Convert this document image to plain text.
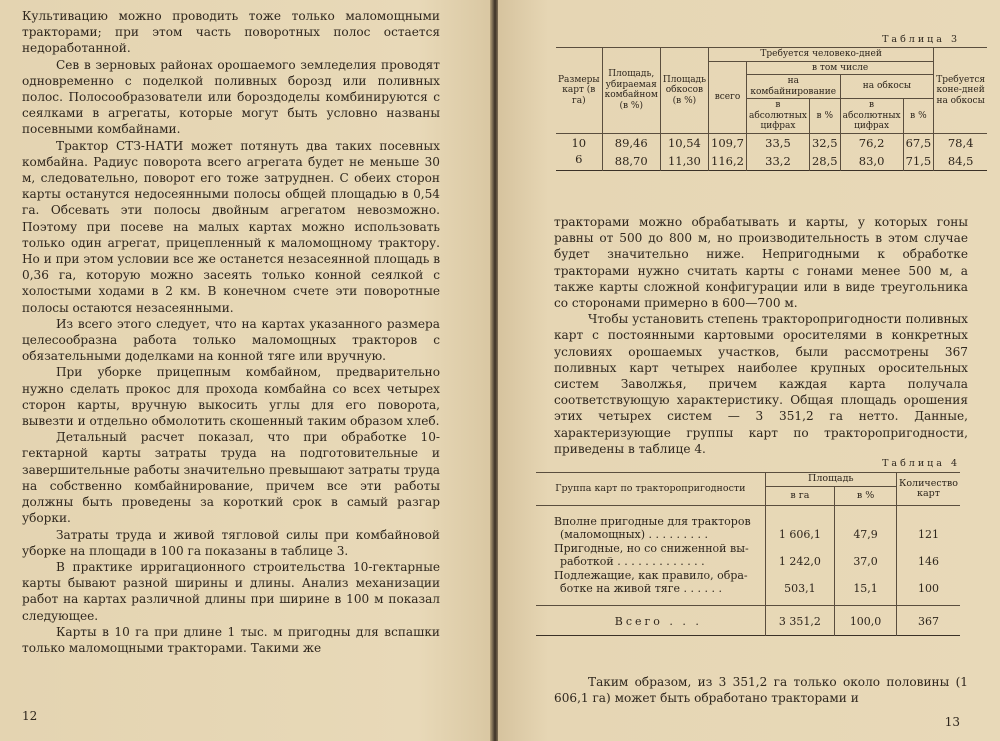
Культивацию можно проводить тоже только маломощными тракторами; при этом часть поворотных полос остается недоработанной.

Сев в зерновых районах орошаемого земледелия проводят одновременно с поделкой поливных борозд или поливных полос. Полосообразователи или бороздоделы комбинируются с сеялками в агрегаты, которые могут быть условно названы посевными комбайнами.

Трактор СТЗ-НАТИ может потянуть два таких посевных комбайна. Радиус поворота всего агрегата будет не меньше 30 м, следовательно, поворот его тоже затруднен. С обеих сторон карты останутся недосеянными полосы общей площадью в 0,54 га. Обсевать эти полосы двойным агрегатом невозможно. Поэтому при посеве на малых картах можно использовать только один агрегат, прицепленный к маломощному трактору. Но и при этом условии все же останется незасеянной площадь в 0,36 га, которую можно засеять только конной сеялкой с холостыми ходами в 2 км. В конечном счете эти поворотные полосы остаются незасеянными.

Из всего этого следует, что на картах указанного размера целесообразна работа только маломощных тракторов с обязательными доделками на конной тяге или вручную.

При уборке прицепным комбайном, предварительно нужно сделать прокос для прохода комбайна со всех четырех сторон карты, вручную выкосить углы для его поворота, вывезти и отдельно обмолотить скошенный таким образом хлеб.

Детальный расчет показал, что при обработке 10-гектарной карты затраты труда на подготовительные и завершительные работы значительно превышают затраты труда на собственно комбайнирование, причем все эти работы должны быть проведены за короткий срок в самый разгар уборки.

Затраты труда и живой тягловой силы при комбайновой уборке на площади в 100 га показаны в таблице 3.

В практике ирригационного строительства 10-гектарные карты бывают разной ширины и длины. Анализ механизации работ на картах различной длины при ширине в 100 м показал следующее.

Карты в 10 га при длине 1 тыс. м пригодны для вспашки только маломощными тракторами. Такими же

12
Таблица 3
Размеры карт (в га)	Площадь, убираемая комбайном (в %)	Площадь обкосов (в %)	Требуется человеко-дней					Требуется коне-дней на обкосы
			всего	в том числе				
				на комбайнирование		на обкосы		
				в абсолютных цифрах	в %	в абсолютных цифрах	в %	
10	89,46	10,54	109,7	33,5	32,5	76,2	67,5	78,4
6	88,70	11,30	116,2	33,2	28,5	83,0	71,5	84,5

тракторами можно обрабатывать и карты, у которых гоны равны от 500 до 800 м, но производительность в этом случае будет значительно ниже. Непригодными к обработке тракторами нужно считать карты с гонами менее 500 м, а также карты сложной конфигурации или в виде треугольника со сторонами примерно в 600—700 м.

Чтобы установить степень тракторопригодности поливных карт с постоянными картовыми оросителями в конкретных условиях орошаемых участков, были рассмотрены 367 поливных карт четырех наиболее крупных оросительных систем Заволжья, причем каждая карта получала соответствующую характеристику. Общая площадь орошения этих четырех систем — 3 351,2 га нетто. Данные, характеризующие группы карт по тракторопригодности, приведены в таблице 4.

Таблица 4
Группа карт по тракторопригодности	Площадь		Количество карт
	в га	в %	

Вполне пригодные для тракторов
(маломощных) . . . . . . . . .	1 606,1	47,9	121

Пригодные, но со сниженной вы-
работкой . . . . . . . . . . . . .	1 242,0	37,0	146

Подлежащие, как правило, обра-
ботке на живой тяге . . . . . .	503,1	15,1	100
Всего . . .	3 351,2	100,0	367

Таким образом, из 3 351,2 га только около половины (1 606,1 га) может быть обработано тракторами и

13
